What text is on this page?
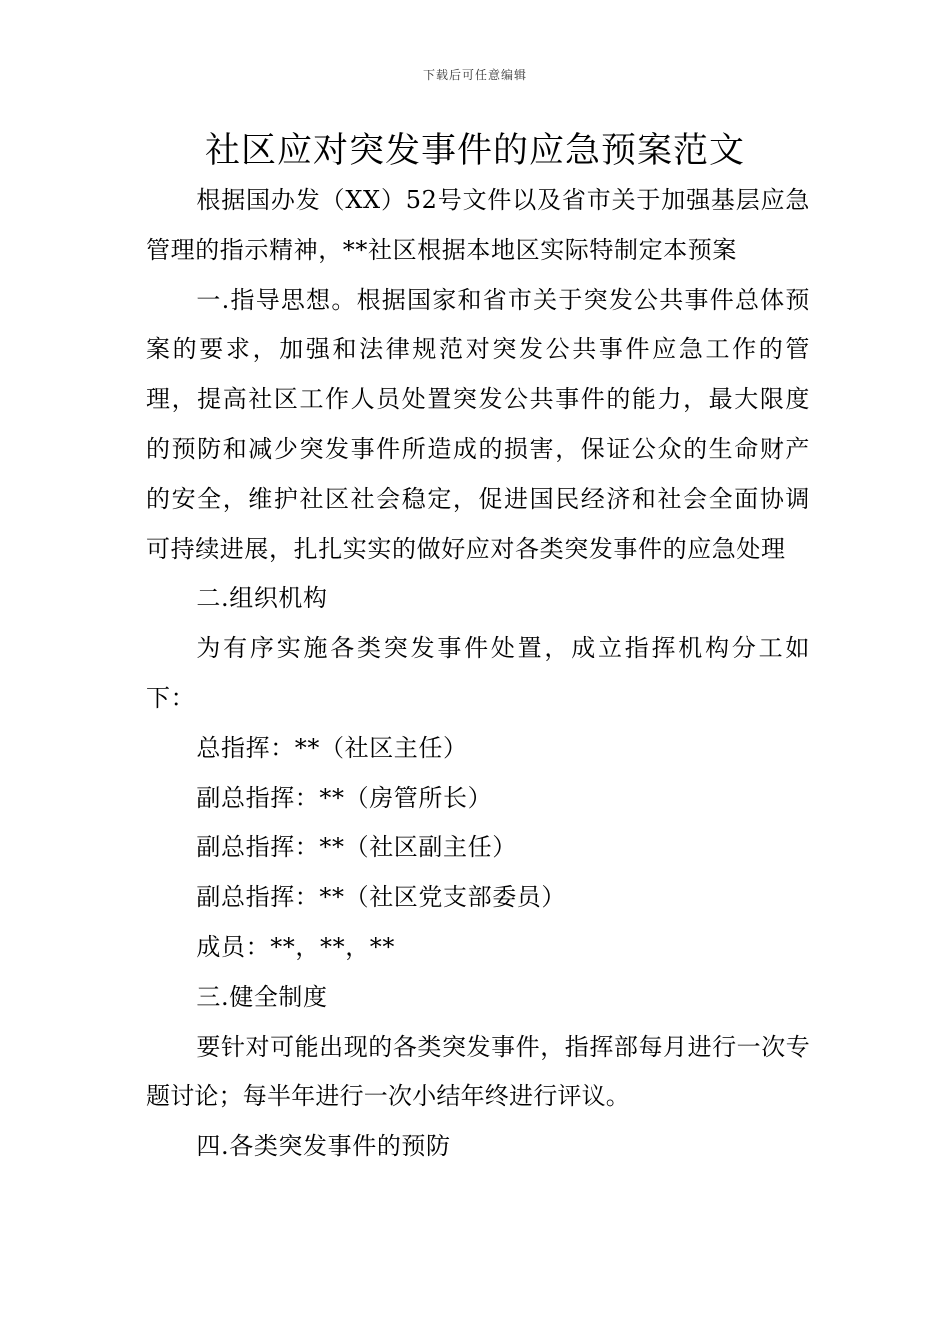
下载后可任意编辑
社区应对突发事件的应急预案范文

根据国办发（XX）52号文件以及省市关于加强基层应急管理的指示精神，**社区根据本地区实际特制定本预案

一.指导思想。根据国家和省市关于突发公共事件总体预案的要求，加强和法律规范对突发公共事件应急工作的管理，提高社区工作人员处置突发公共事件的能力，最大限度的预防和减少突发事件所造成的损害，保证公众的生命财产的安全，维护社区社会稳定，促进国民经济和社会全面协调可持续进展，扎扎实实的做好应对各类突发事件的应急处理

二.组织机构

为有序实施各类突发事件处置，成立指挥机构分工如下：

总指挥：**（社区主任）

副总指挥：**（房管所长）

副总指挥：**（社区副主任）

副总指挥：**（社区党支部委员）

成员：**，**，**

三.健全制度

要针对可能出现的各类突发事件，指挥部每月进行一次专题讨论；每半年进行一次小结年终进行评议。

四.各类突发事件的预防
